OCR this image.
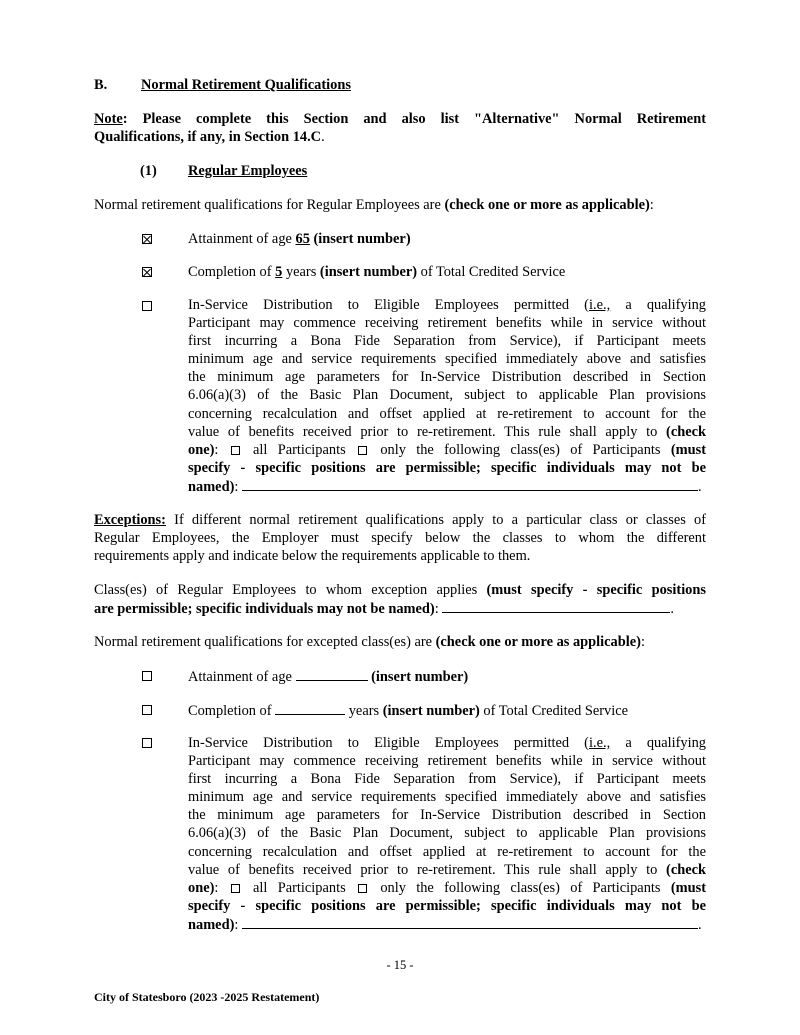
B. Normal Retirement Qualifications
Note: Please complete this Section and also list "Alternative" Normal Retirement
Qualifications, if any, in Section 14.C.
(1) Regular Employees
Normal retirement qualifications for Regular Employees are (check one or more as applicable):
Attainment of age 65 (insert number)
Completion of 5 years (insert number) of Total Credited Service
In-Service Distribution to Eligible Employees permitted (i.e., a qualifying
Participant may commence receiving retirement benefits while in service without
first incurring a Bona Fide Separation from Service), if Participant meets
minimum age and service requirements specified immediately above and satisfies
the minimum age parameters for In-Service Distribution described in Section
6.06(a)(3) of the Basic Plan Document, subject to applicable Plan provisions
concerning recalculation and offset applied at re-retirement to account for the
value of benefits received prior to re-retirement. This rule shall apply to (check
one):  all Participants  only the following class(es) of Participants (must
specify - specific positions are permissible; specific individuals may not be
named):	.
Exceptions: If different normal retirement qualifications apply to a particular class or classes of
Regular Employees, the Employer must specify below the classes to whom the different
requirements apply and indicate below the requirements applicable to them.
Class(es) of Regular Employees to whom exception applies (must specify - specific positions
are permissible; specific individuals may not be named):	.
Normal retirement qualifications for excepted class(es) are (check one or more as applicable):
Attainment of age	(insert number)
Completion of	years (insert number) of Total Credited Service
In-Service Distribution to Eligible Employees permitted (i.e., a qualifying
Participant may commence receiving retirement benefits while in service without
first incurring a Bona Fide Separation from Service), if Participant meets
minimum age and service requirements specified immediately above and satisfies
the minimum age parameters for In-Service Distribution described in Section
6.06(a)(3) of the Basic Plan Document, subject to applicable Plan provisions
concerning recalculation and offset applied at re-retirement to account for the
value of benefits received prior to re-retirement. This rule shall apply to (check
one):  all Participants  only the following class(es) of Participants (must
specify - specific positions are permissible; specific individuals may not be
named):	.
- 15 -
City of Statesboro (2023 -2025 Restatement)
